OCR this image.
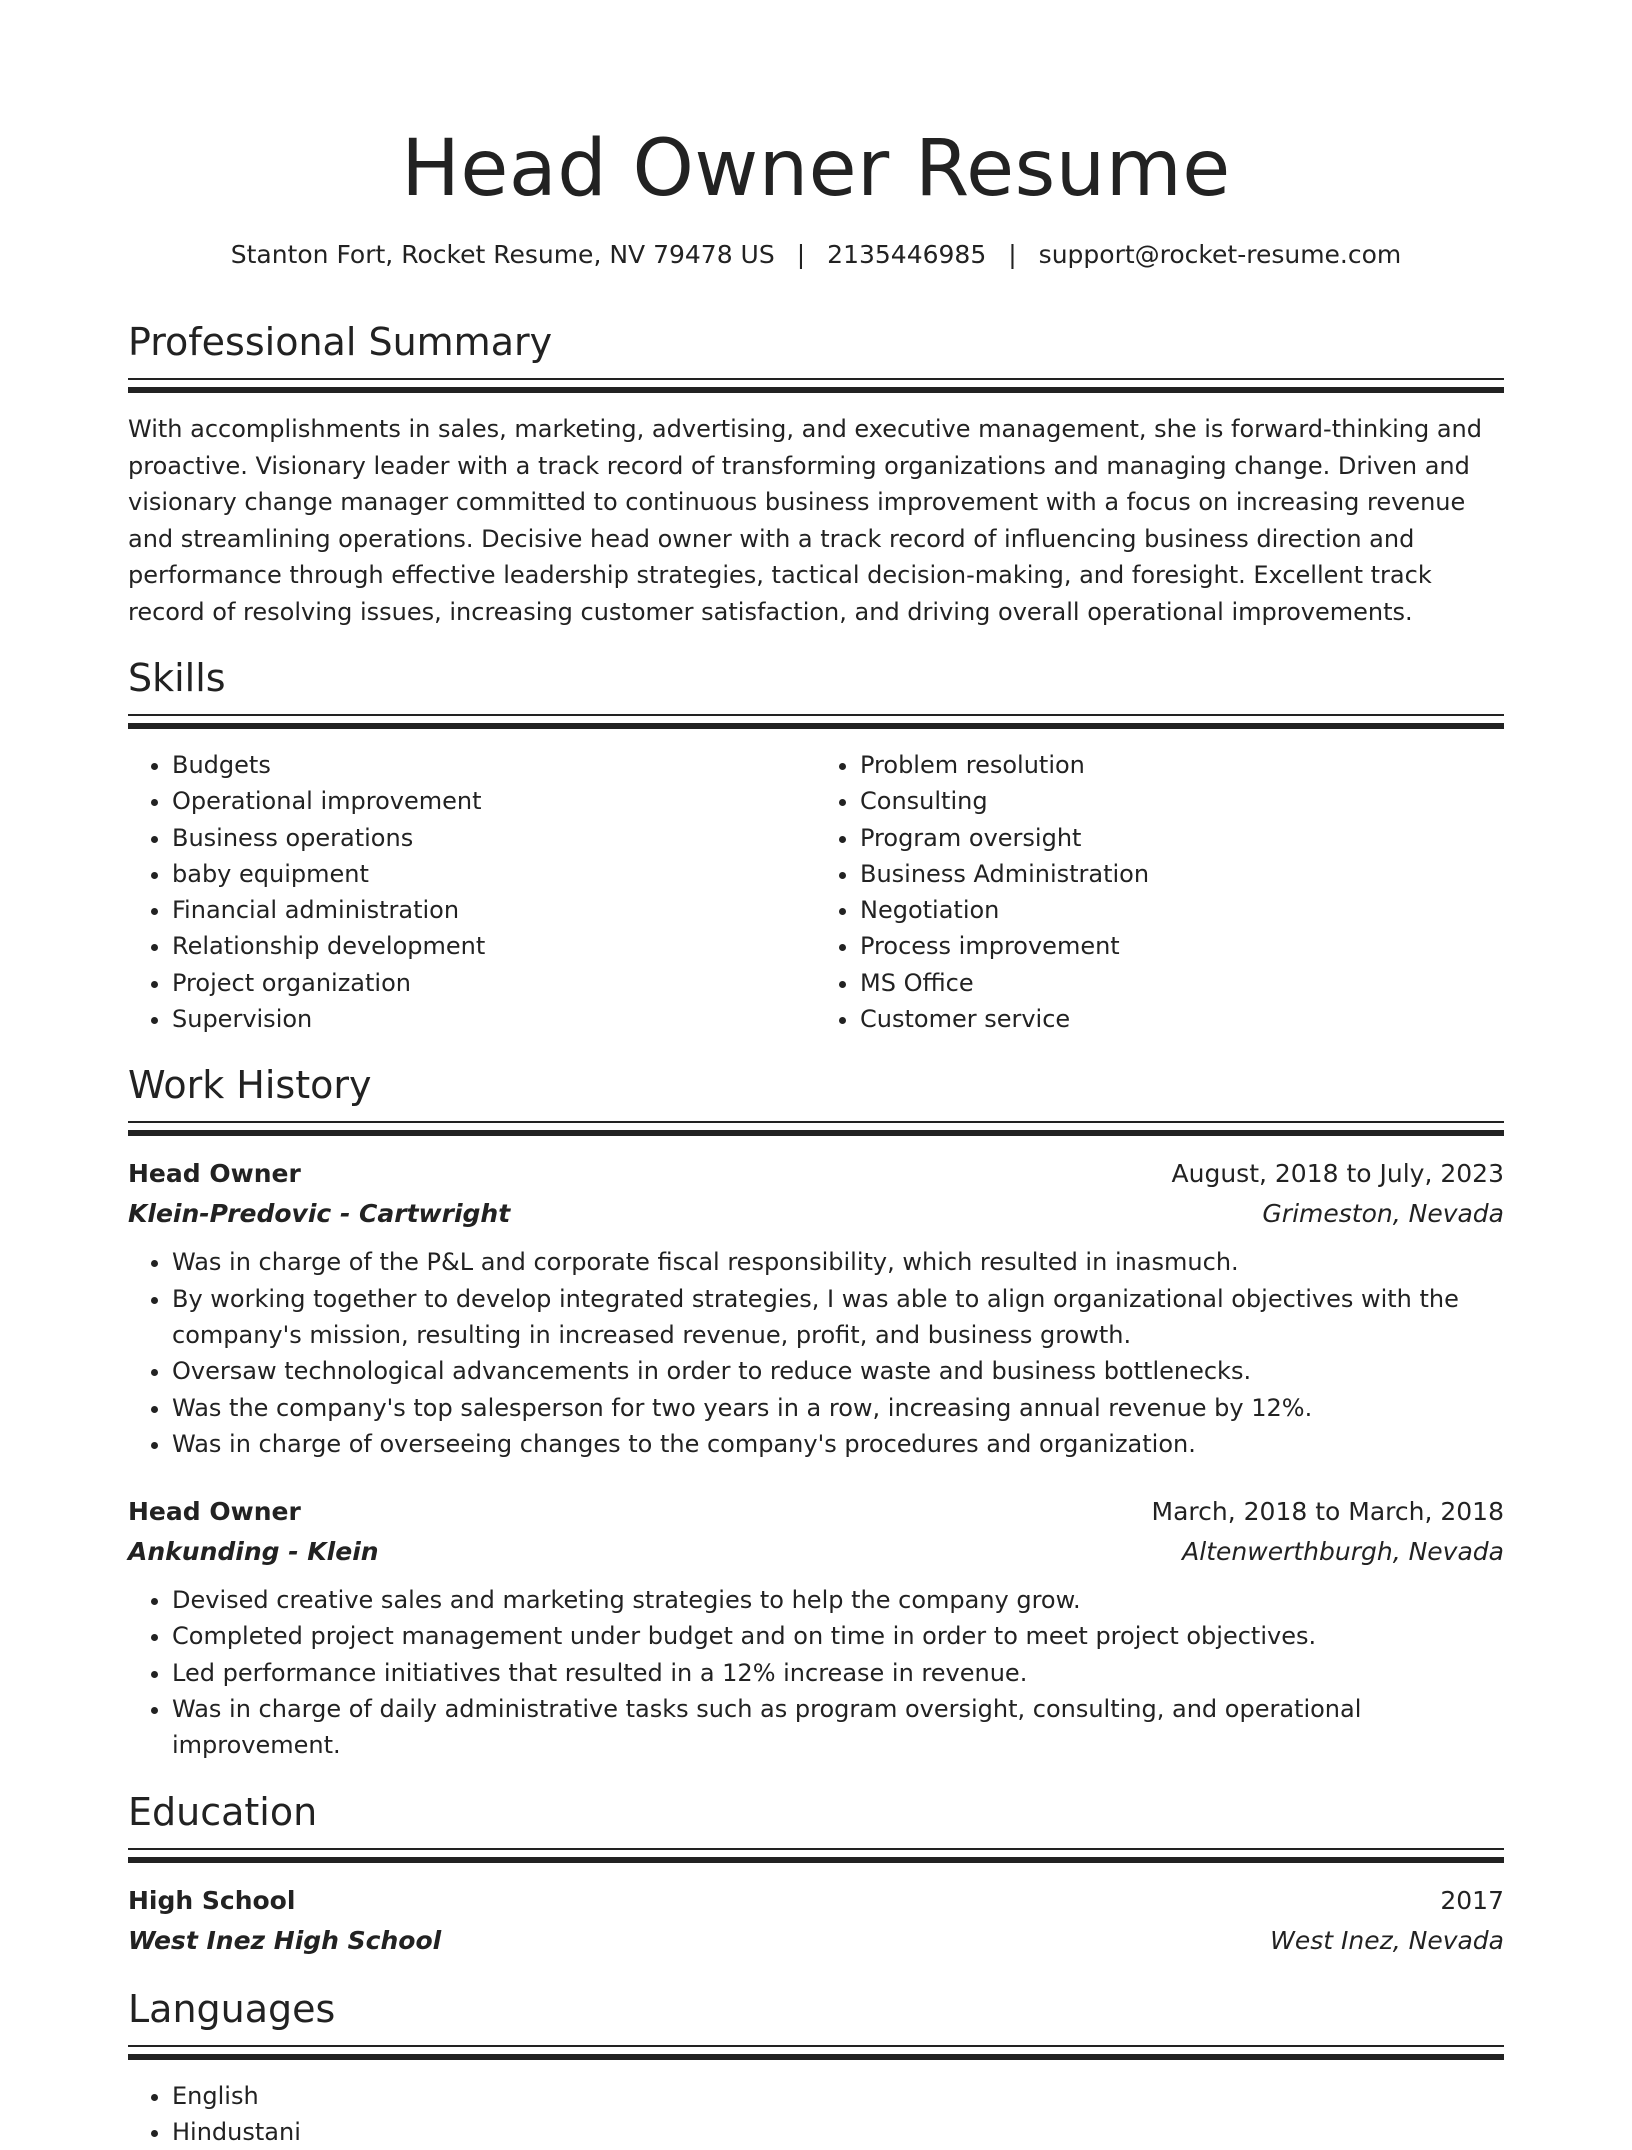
Head Owner Resume
Stanton Fort, Rocket Resume, NV 79478 US | 2135446985 | support@rocket-resume.com
Professional Summary

With accomplishments in sales, marketing, advertising, and executive management, she is forward-thinking and proactive. Visionary leader with a track record of transforming organizations and managing change. Driven and visionary change manager committed to continuous business improvement with a focus on increasing revenue and streamlining operations. Decisive head owner with a track record of influencing business direction and performance through effective leadership strategies, tactical decision-making, and foresight. Excellent track record of resolving issues, increasing customer satisfaction, and driving overall operational improvements.

Skills
• Budgets
• Operational improvement
• Business operations
• baby equipment
• Financial administration
• Relationship development
• Project organization
• Supervision
• Problem resolution
• Consulting
• Program oversight
• Business Administration
• Negotiation
• Process improvement
• MS Office
• Customer service
Work History
Head Owner	August, 2018 to July, 2023
Klein-Predovic - Cartwright	Grimeston, Nevada
• Was in charge of the P&L and corporate fiscal responsibility, which resulted in inasmuch.
• By working together to develop integrated strategies, I was able to align organizational objectives with the company's mission, resulting in increased revenue, profit, and business growth.
• Oversaw technological advancements in order to reduce waste and business bottlenecks.
• Was the company's top salesperson for two years in a row, increasing annual revenue by 12%.
• Was in charge of overseeing changes to the company's procedures and organization.
Head Owner	March, 2018 to March, 2018
Ankunding - Klein	Altenwerthburgh, Nevada
• Devised creative sales and marketing strategies to help the company grow.
• Completed project management under budget and on time in order to meet project objectives.
• Led performance initiatives that resulted in a 12% increase in revenue.
• Was in charge of daily administrative tasks such as program oversight, consulting, and operational improvement.
Education
High School	2017
West Inez High School	West Inez, Nevada
Languages
• English
• Hindustani
